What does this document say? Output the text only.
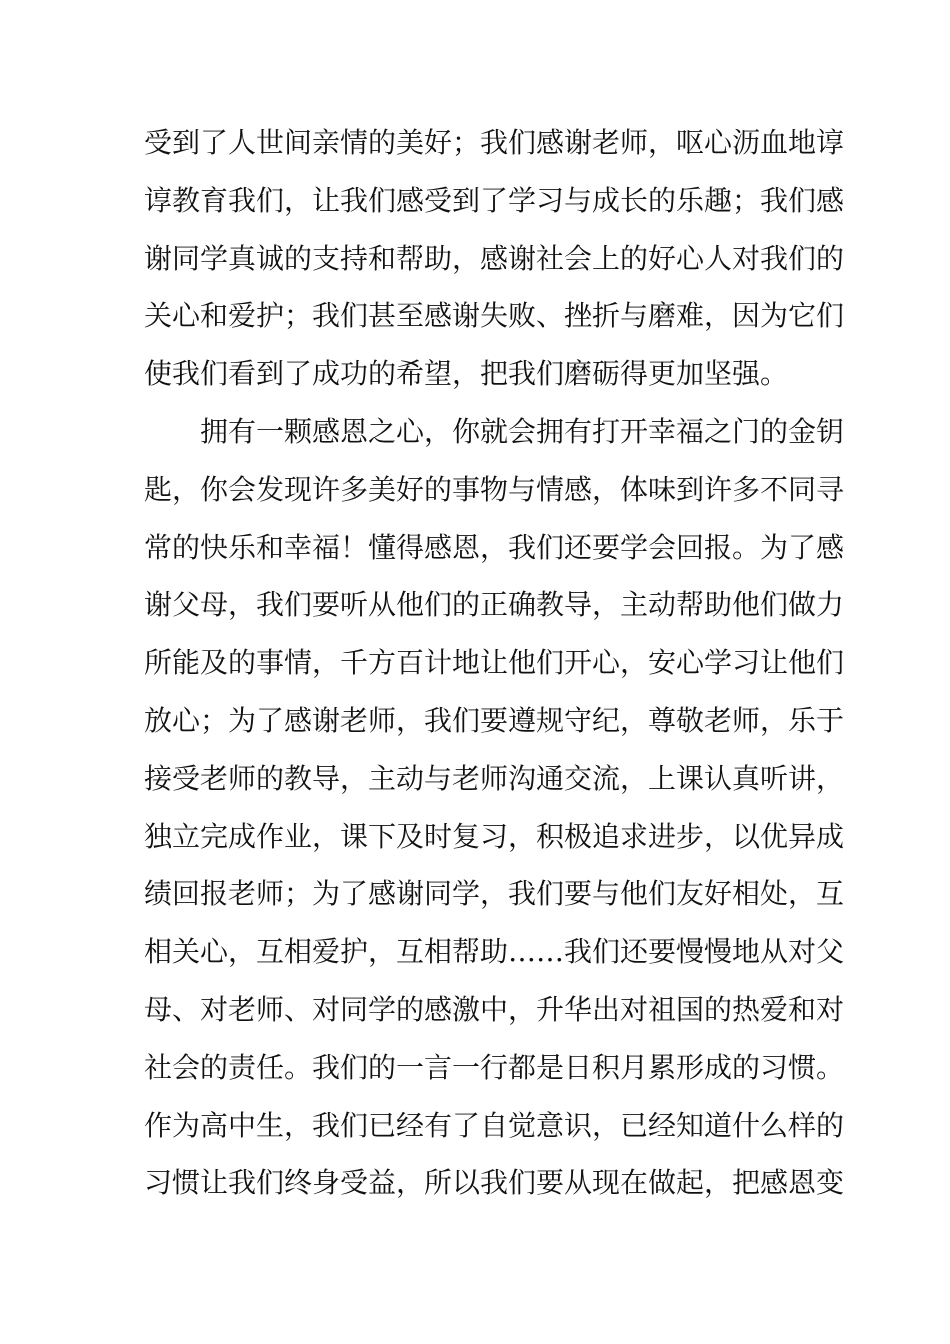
受到了人世间亲情的美好；我们感谢老师，呕心沥血地谆
谆教育我们，让我们感受到了学习与成长的乐趣；我们感
谢同学真诚的支持和帮助，感谢社会上的好心人对我们的
关心和爱护；我们甚至感谢失败、挫折与磨难，因为它们
使我们看到了成功的希望，把我们磨砺得更加坚强。
拥有一颗感恩之心，你就会拥有打开幸福之门的金钥
匙，你会发现许多美好的事物与情感，体味到许多不同寻
常的快乐和幸福！懂得感恩，我们还要学会回报。为了感
谢父母，我们要听从他们的正确教导，主动帮助他们做力
所能及的事情，千方百计地让他们开心，安心学习让他们
放心；为了感谢老师，我们要遵规守纪，尊敬老师，乐于
接受老师的教导，主动与老师沟通交流，上课认真听讲，
独立完成作业，课下及时复习，积极追求进步，以优异成
绩回报老师；为了感谢同学，我们要与他们友好相处，互
相关心，互相爱护，互相帮助……我们还要慢慢地从对父
母、对老师、对同学的感激中，升华出对祖国的热爱和对
社会的责任。我们的一言一行都是日积月累形成的习惯。
作为高中生，我们已经有了自觉意识，已经知道什么样的
习惯让我们终身受益，所以我们要从现在做起，把感恩变
